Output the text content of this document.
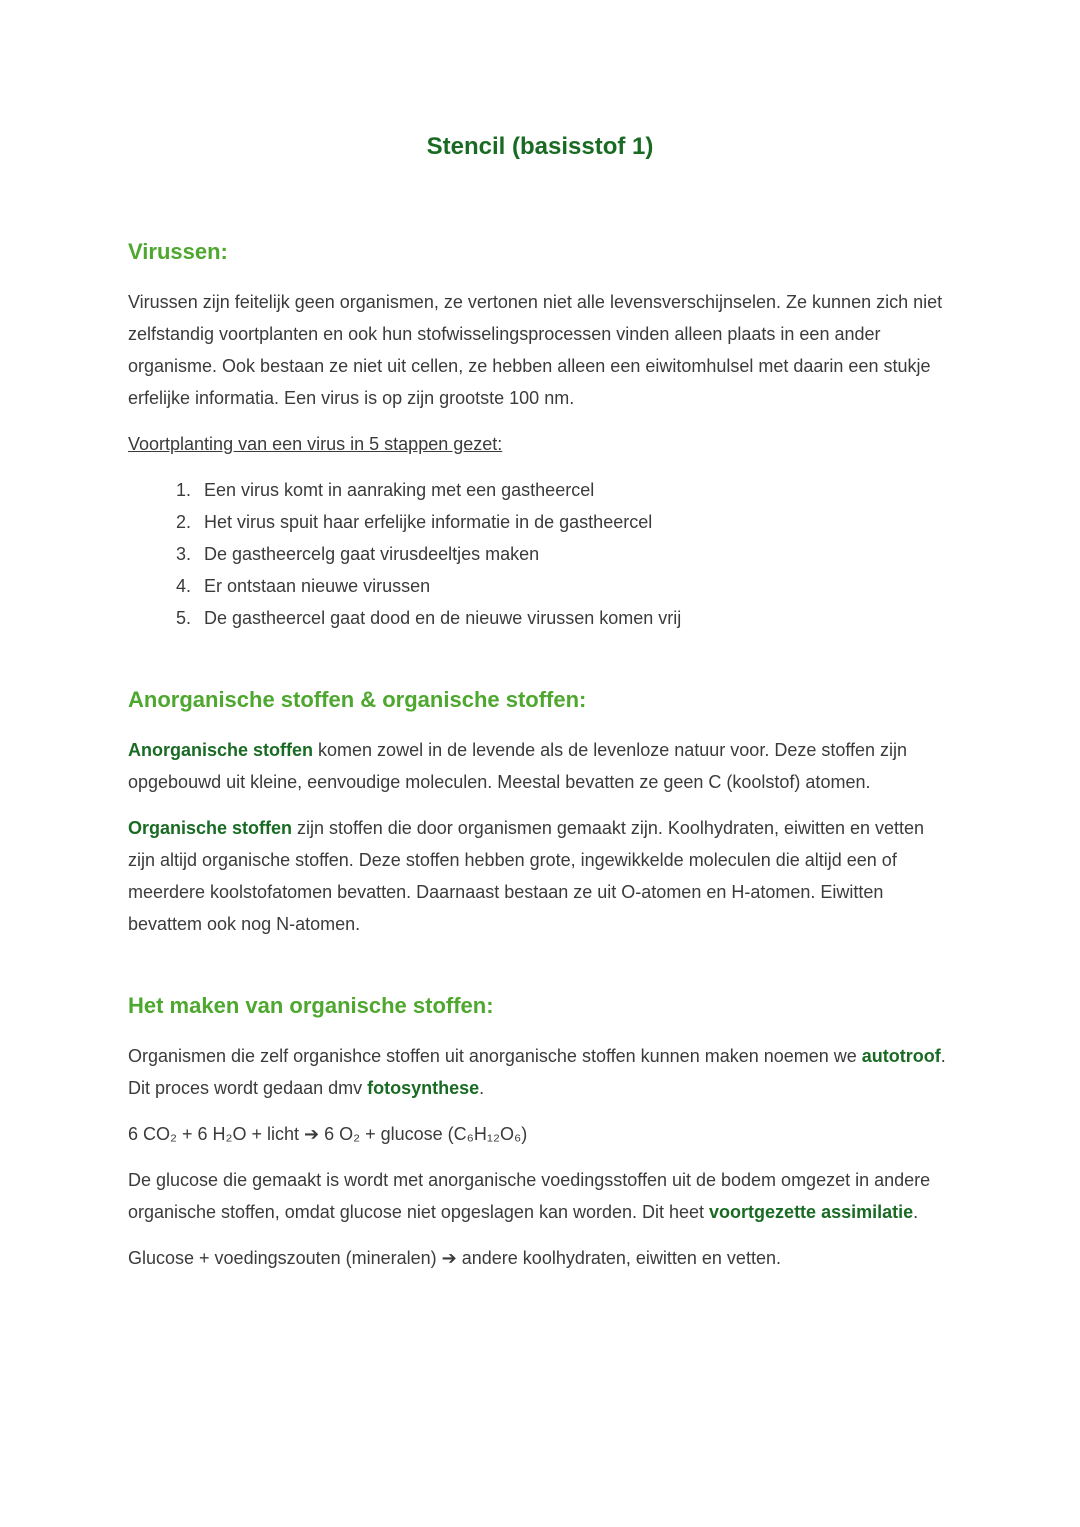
Stencil (basisstof 1)
Virussen:

Virussen zijn feitelijk geen organismen, ze vertonen niet alle levensverschijnselen. Ze kunnen zich niet zelfstandig voortplanten en ook hun stofwisselingsprocessen vinden alleen plaats in een ander organisme. Ook bestaan ze niet uit cellen, ze hebben alleen een eiwitomhulsel met daarin een stukje erfelijke informatia. Een virus is op zijn grootste 100 nm.

Voortplanting van een virus in 5 stappen gezet:

1. Een virus komt in aanraking met een gastheercel
2. Het virus spuit haar erfelijke informatie in de gastheercel
3. De gastheercelg gaat virusdeeltjes maken
4. Er ontstaan nieuwe virussen
5. De gastheercel gaat dood en de nieuwe virussen komen vrij
Anorganische stoffen & organische stoffen:

Anorganische stoffen komen zowel in de levende als de levenloze natuur voor. Deze stoffen zijn opgebouwd uit kleine, eenvoudige moleculen. Meestal bevatten ze geen C (koolstof) atomen.

Organische stoffen zijn stoffen die door organismen gemaakt zijn. Koolhydraten, eiwitten en vetten zijn altijd organische stoffen. Deze stoffen hebben grote, ingewikkelde moleculen die altijd een of meerdere koolstofatomen bevatten. Daarnaast bestaan ze uit O-atomen en H-atomen. Eiwitten bevattem ook nog N-atomen.

Het maken van organische stoffen:

Organismen die zelf organishce stoffen uit anorganische stoffen kunnen maken noemen we autotroof. Dit proces wordt gedaan dmv fotosynthese.

6 CO₂ + 6 H₂O + licht ➔ 6 O₂ + glucose (C₆H₁₂O₆)

De glucose die gemaakt is wordt met anorganische voedingsstoffen uit de bodem omgezet in andere organische stoffen, omdat glucose niet opgeslagen kan worden. Dit heet voortgezette assimilatie.

Glucose + voedingszouten (mineralen) ➔ andere koolhydraten, eiwitten en vetten.
